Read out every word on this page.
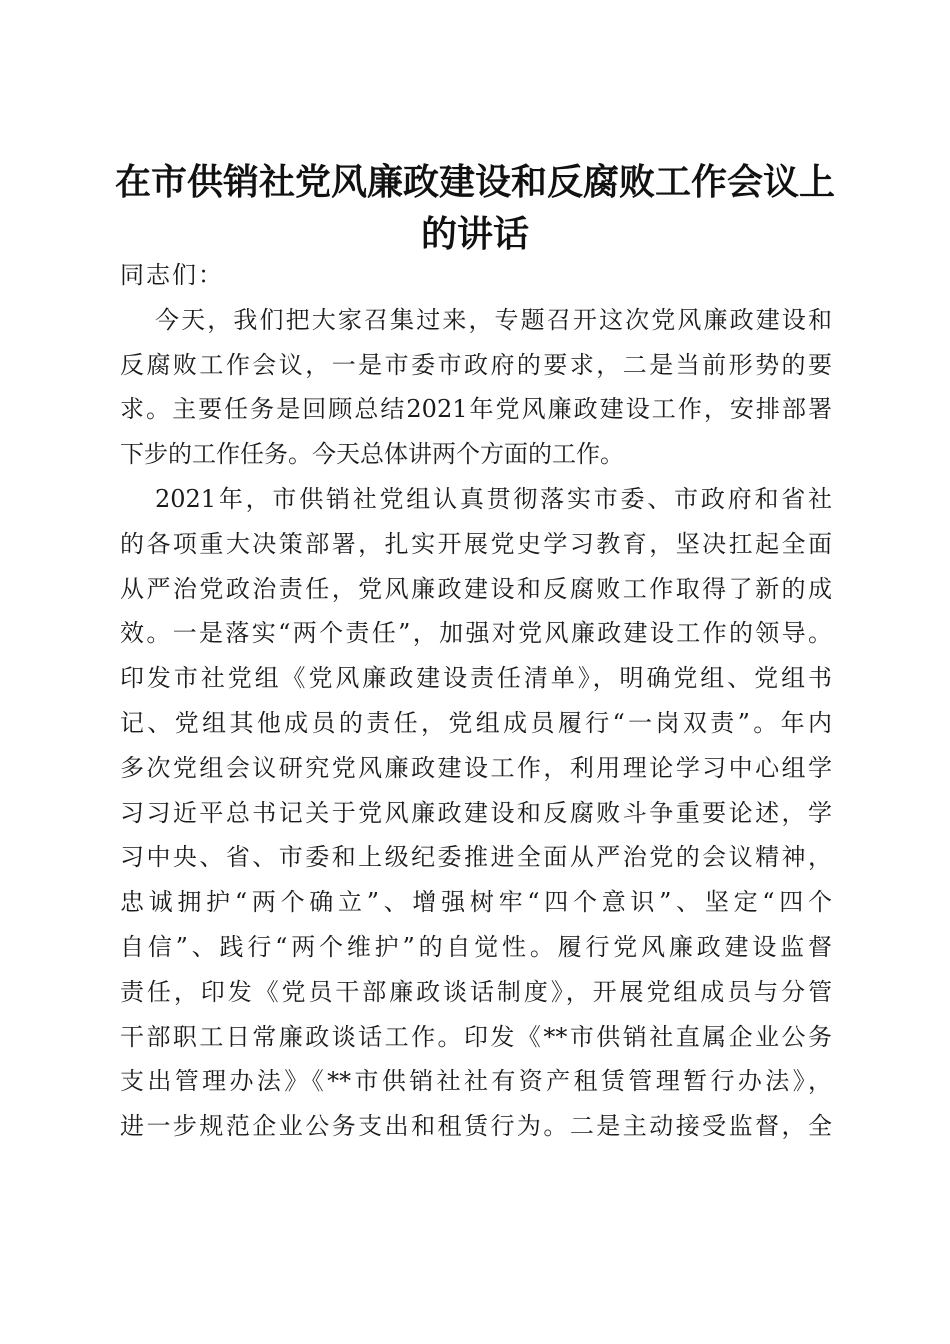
在市供销社党风廉政建设和反腐败工作会议上
的讲话

同志们：

今天，我们把大家召集过来，专题召开这次党风廉政建设和
反腐败工作会议，一是市委市政府的要求，二是当前形势的要
求。主要任务是回顾总结2021年党风廉政建设工作，安排部署
下步的工作任务。今天总体讲两个方面的工作。

2021年，市供销社党组认真贯彻落实市委、市政府和省社
的各项重大决策部署，扎实开展党史学习教育，坚决扛起全面
从严治党政治责任，党风廉政建设和反腐败工作取得了新的成
效。一是落实“两个责任”，加强对党风廉政建设工作的领导。
印发市社党组《党风廉政建设责任清单》，明确党组、党组书
记、党组其他成员的责任，党组成员履行“一岗双责”。年内
多次党组会议研究党风廉政建设工作，利用理论学习中心组学
习习近平总书记关于党风廉政建设和反腐败斗争重要论述，学
习中央、省、市委和上级纪委推进全面从严治党的会议精神，
忠诚拥护“两个确立”、增强树牢“四个意识”、坚定“四个
自信”、践行“两个维护”的自觉性。履行党风廉政建设监督
责任，印发《党员干部廉政谈话制度》，开展党组成员与分管
干部职工日常廉政谈话工作。印发《**市供销社直属企业公务
支出管理办法》《**市供销社社有资产租赁管理暂行办法》，
进一步规范企业公务支出和租赁行为。二是主动接受监督，全
